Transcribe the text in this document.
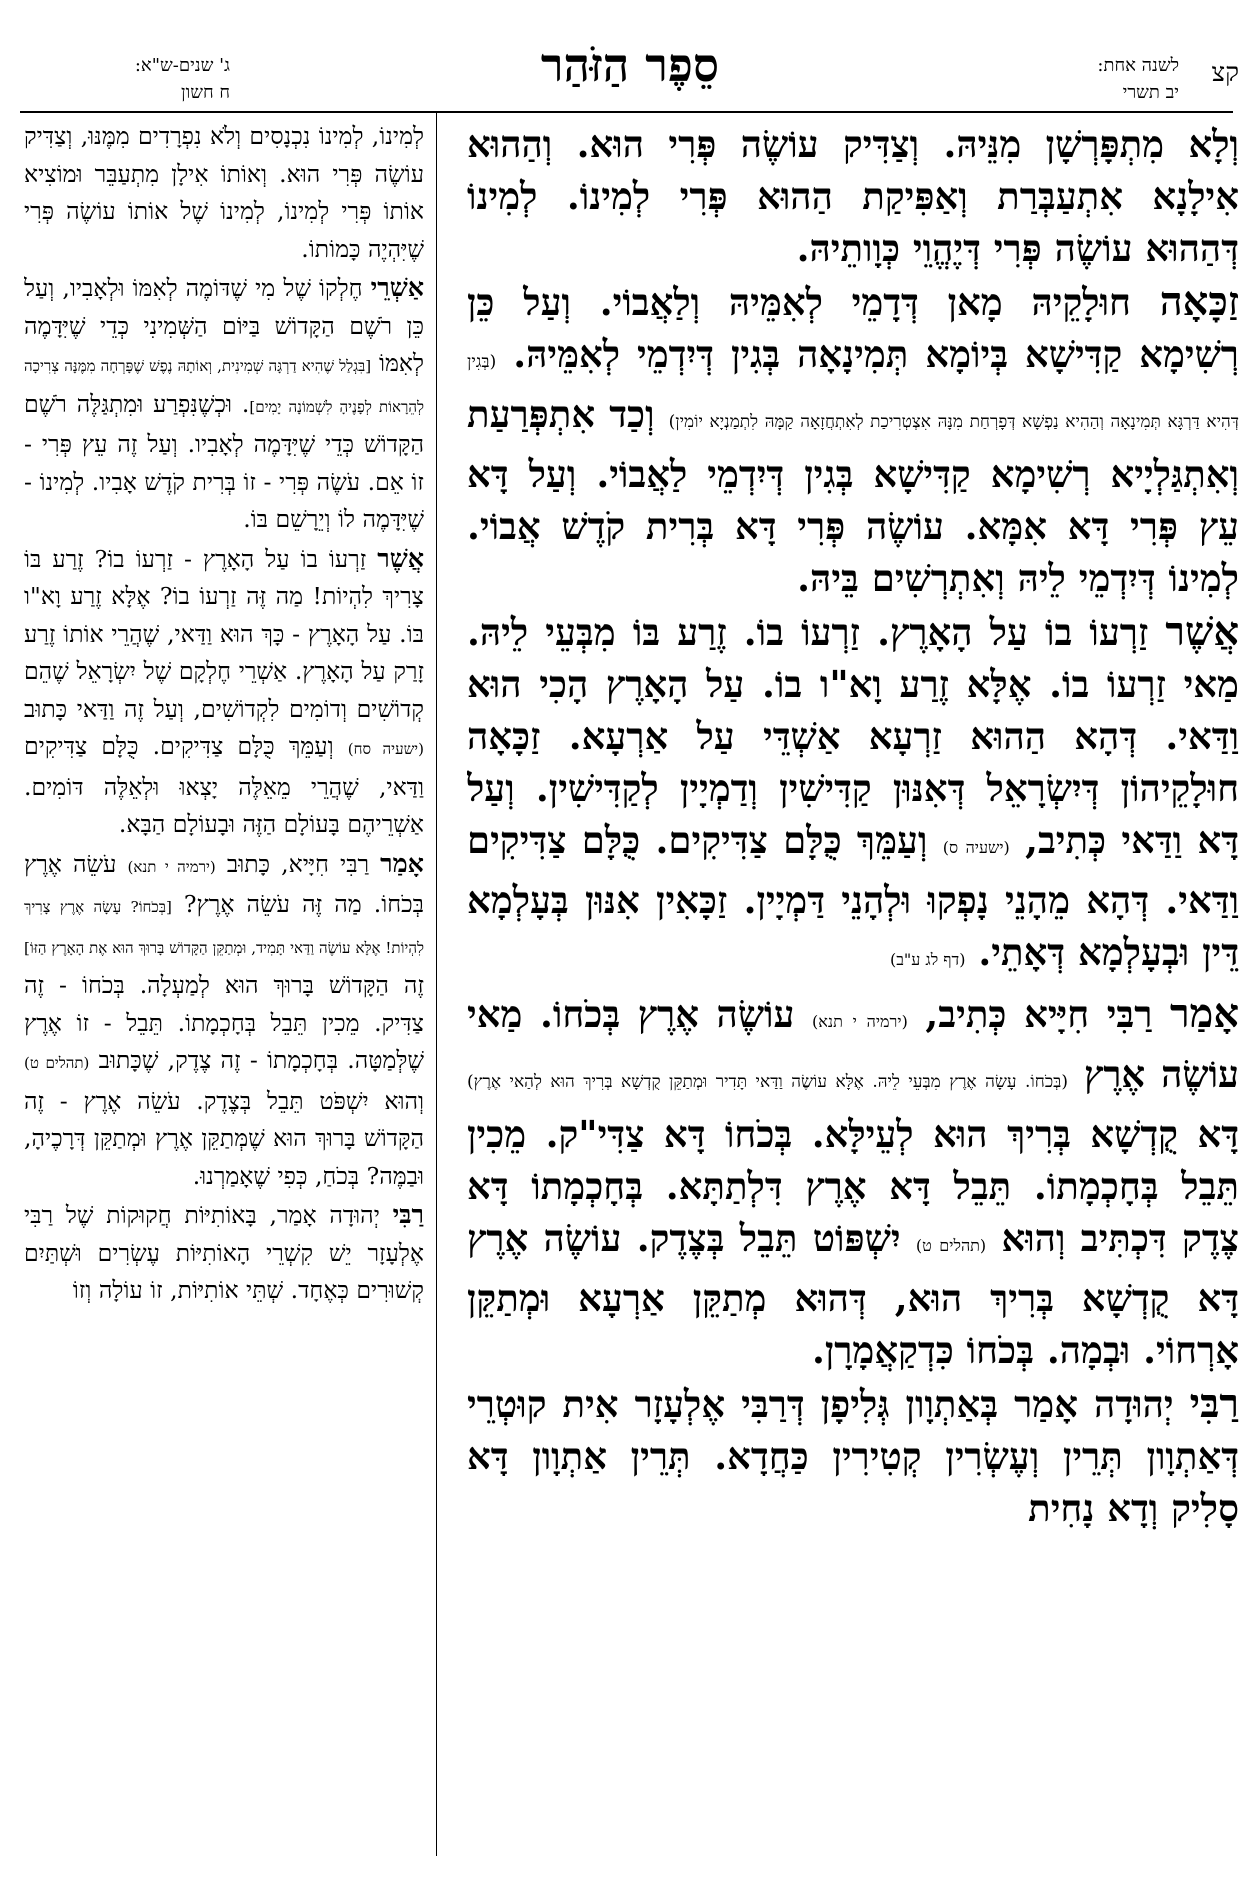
קצ
לשנה אחת:
יב תשרי
סֵפֶר הַזֹּהַר
ג' שנים-ש"א:
ח חשון

וְלָא מִתְפָּרְשָׁן מִנֵּיהּ. וְצַדִּיק עוֹשֶׂה פְּרִי הוּא. וְהַהוּא אִילָנָא אִתְעַבְּרַת וְאַפִּיקַת הַהוּא פְּרִי לְמִינוֹ. לְמִינוֹ דְּהַהוּא עוֹשֶׂה פְּרִי דְּיֶהֱוֵי כְּוָותֵיהּ.

זַכָּאָה חוּלָקֵיהּ מָאן דְּדָמֵי לְאִמֵּיהּ וְלַאֲבוֹי. וְעַל כֵּן רְשִׁימָא קַדִּישָׁא בְּיוֹמָא תְּמִינָאָה בְּגִין דְּיִדְמֵי לְאִמֵּיהּ. (בְּגִין דְּהִיא דַּרְגָּא תְּמִינָאָה וְהַהִיא נַפְשָׁא דְּפָרְחַת מִנָּהּ אִצְטְרִיכַת לְאִתְחֲזָאָה קַמָּהּ לִתְמַנְיָא יוֹמִין) וְכַד אִתְפְּרַעַת וְאִתְגַּלְיָיא רְשִׁימָא קַדִּישָׁא בְּגִין דְּיִדְמֵי לַאֲבוֹי. וְעַל דָּא עֵץ פְּרִי דָּא אִמָּא. עוֹשֶׂה פְּרִי דָּא בְּרִית קֹדֶשׁ אֲבוֹי. לְמִינוֹ דְּיִדְמֵי לֵיהּ וְאִתְרְשִׁים בֵּיהּ.

אֲשֶׁר זַרְעוֹ בוֹ עַל הָאָרֶץ. זַרְעוֹ בוֹ. זֶרַע בּוֹ מִבְּעֵי לֵיהּ. מַאי זַרְעוֹ בוֹ. אֶלָּא זֶרַע וָא"ו בוֹ. עַל הָאָרֶץ הָכִי הוּא וַדַּאי. דְּהָא הַהוּא זַרְעָא אַשְׁדֵּי עַל אַרְעָא. זַכָּאָה חוּלָקֵיהוֹן דְּיִשְׂרָאֵל דְּאִנּוּן קַדִּישִׁין וְדַמְיָין לְקַדִּישִׁין. וְעַל דָּא וַדַּאי כְּתִיב, (ישעיה ס) וְעַמֵּךְ כֻּלָּם צַדִּיקִים. כֻּלָּם צַדִּיקִים וַדַּאי. דְּהָא מֵהָנֵי נָפְקוּ וּלְהָנֵי דַּמְיָין. זַכָּאִין אִנּוּן בְּעָלְמָא דֵּין וּבְעָלְמָא דְּאָתֵי. (דף לג ע"ב)

אָמַר רַבִּי חִיָּיא כְּתִיב, (ירמיה י תנא) עוֹשֶׂה אֶרֶץ בְּכֹחוֹ. מַאי עוֹשֶׂה אֶרֶץ (בְּכֹחוֹ. עָשָׂה אֶרֶץ מִבְּעֵי לֵיהּ. אֶלָּא עוֹשֶׂה וַדַּאי תָּדִיר וּמְתַקֵּן קֻדְשָׁא בְּרִיךְ הוּא לְהַאי אֶרֶץ) דָּא קֻדְשָׁא בְּרִיךְ הוּא לְעֵילָּא. בְּכֹחוֹ דָּא צַדִּי"ק. מֵכִין תֵּבֵל בְּחָכְמָתוֹ. תֵּבֵל דָּא אֶרֶץ דִּלְתַתָּא. בְּחָכְמָתוֹ דָּא צֶדֶק דִּכְתִּיב וְהוּא (תהלים ט) יִשְׁפּוֹט תֵּבֵל בְּצֶדֶק. עוֹשֶׂה אֶרֶץ דָּא קֻדְשָׁא בְּרִיךְ הוּא, דְּהוּא מְתַקֵּן אַרְעָא וּמְתַקֵּן אָרְחוֹי. וּבְמָה. בְּכֹחוֹ כִּדְקַאֲמָרָן.

רַבִּי יְהוּדָה אָמַר בְּאַתְוָון גְּלִיפָן דְּרַבִּי אֶלְעָזָר אִית קוּטְרֵי דְּאַתְוָון תְּרֵין וְעֶשְׂרִין קְטִירִין כַּחֲדָא. תְּרֵין אַתְוָון דָּא סָלִיק וְדָא נָחִית

לְמִינוֹ, לְמִינוֹ נִכְנָסִים וְלֹא נִפְרָדִים מִמֶּנּוּ, וְצַדִּיק עוֹשֶׂה פְּרִי הוּא. וְאוֹתוֹ אִילָן מִתְעַבֵּר וּמוֹצִיא אוֹתוֹ פְּרִי לְמִינוֹ, לְמִינוֹ שֶׁל אוֹתוֹ עוֹשֶׂה פְּרִי שֶׁיִּהְיֶה כָּמוֹתוֹ.

אַשְׁרֵי חֶלְקוֹ שֶׁל מִי שֶׁדּוֹמֶה לְאִמּוֹ וּלְאָבִיו, וְעַל כֵּן רֹשֶׁם הַקָּדוֹשׁ בַּיּוֹם הַשְּׁמִינִי כְּדֵי שֶׁיִּדָּמֶה לְאִמּוֹ [בִּגְלַל שֶׁהִיא דַרְגָּה שְׁמִינִית, וְאוֹתָהּ נֶפֶשׁ שֶׁפָּרְחָה מִמֶּנָּה צְרִיכָה לְהֵרָאוֹת לְפָנֶיהָ לִשְׁמוֹנָה יָמִים]. וּכְשֶׁנִּפְרַע וּמִתְגַּלֶּה רֹשֶׁם הַקָּדוֹשׁ כְּדֵי שֶׁיִּדָּמֶה לְאָבִיו. וְעַל זֶה עֵץ פְּרִי - זוֹ אֵם. עֹשֶׂה פְּרִי - זוֹ בְּרִית קֹדֶשׁ אָבִיו. לְמִינוֹ - שֶׁיִּדָּמֶה לוֹ וְיֵרָשֵׁם בּוֹ.

אֲשֶׁר זַרְעוֹ בוֹ עַל הָאָרֶץ - זַרְעוֹ בוֹ? זֶרַע בּוֹ צָרִיךְ לִהְיוֹת! מַה זֶּה זַרְעוֹ בוֹ? אֶלָּא זֶרַע וָא"ו בּוֹ. עַל הָאָרֶץ - כָּךְ הוּא וַדַּאי, שֶׁהֲרֵי אוֹתוֹ זֶרַע זָרַק עַל הָאָרֶץ. אַשְׁרֵי חֶלְקָם שֶׁל יִשְׂרָאֵל שֶׁהֵם קְדוֹשִׁים וְדוֹמִים לִקְדוֹשִׁים, וְעַל זֶה וַדַּאי כָּתוּב (ישעיה סח) וְעַמֵּךְ כֻּלָּם צַדִּיקִים. כֻּלָּם צַדִּיקִים וַדַּאי, שֶׁהֲרֵי מֵאֵלֶּה יָצְאוּ וּלְאֵלֶּה דּוֹמִים. אַשְׁרֵיהֶם בָּעוֹלָם הַזֶּה וּבָעוֹלָם הַבָּא.

אָמַר רַבִּי חִיָּיא, כָּתוּב (ירמיה י תנא) עֹשֵׂה אֶרֶץ בְּכֹחוֹ. מַה זֶּה עֹשֵׂה אֶרֶץ? [בְּכֹחוֹ? עָשָׂה אֶרֶץ צָרִיךְ לִהְיוֹת! אֶלָּא עוֹשֶׂה וַדַּאי תָּמִיד, וּמְתַקֵּן הַקָּדוֹשׁ בָּרוּךְ הוּא אֶת הָאָרֶץ הַזּוֹ] זֶה הַקָּדוֹשׁ בָּרוּךְ הוּא לְמַעְלָה. בְּכֹחוֹ - זֶה צַדִּיק. מֵכִין תֵּבֵל בְּחָכְמָתוֹ. תֵּבֵל - זוֹ אֶרֶץ שֶׁלְּמַטָּה. בְּחָכְמָתוֹ - זֶה צֶדֶק, שֶׁכָּתוּב (תהלים ט) וְהוּא יִשְׁפֹּט תֵּבֵל בְּצֶדֶק. עֹשֵׂה אֶרֶץ - זֶה הַקָּדוֹשׁ בָּרוּךְ הוּא שֶׁמְּתַקֵּן אֶרֶץ וּמְתַקֵּן דְּרָכֶיהָ, וּבַמֶּה? בְּכֹחַ, כְּפִי שֶׁאָמַרְנוּ.

רַבִּי יְהוּדָה אָמַר, בָּאוֹתִיּוֹת חֲקוּקוֹת שֶׁל רַבִּי אֶלְעָזָר יֵשׁ קִשְׁרֵי הָאוֹתִיּוֹת עֶשְׂרִים וּשְׁתַּיִם קְשׁוּרִים כְּאֶחָד. שְׁתֵּי אוֹתִיּוֹת, זוֹ עוֹלָה וְזוֹ
